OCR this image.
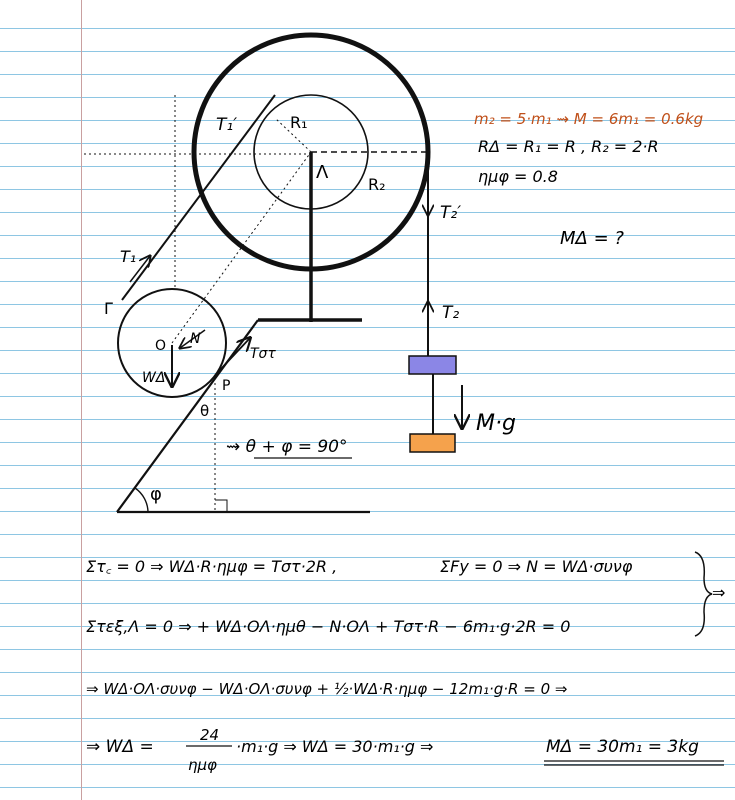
T₁′	R₁
Λ
R₂
T₂′
T₁
Γ
O N
WΔ
Tστ
P
θ
φ
T₂
M·g
⇝ θ + φ = 90°
m₂ = 5·m₁ ⇝ M = 6m₁ = 0.6kg
RΔ = R₁ = R , R₂ = 2·R
ημφ = 0.8
MΔ = ?
Στ꜀ = 0 ⇒ WΔ·R·ημφ = Tστ·2R ,	ΣFy = 0 ⇒ N = WΔ·συνφ
⇒
Στεξ,Λ = 0 ⇒ + WΔ·OΛ·ημθ − N·OΛ + Tστ·R − 6m₁·g·2R = 0
⇒ WΔ·OΛ·συνφ − WΔ·OΛ·συνφ + ½·WΔ·R·ημφ − 12m₁·g·R = 0 ⇒
⇒ WΔ =
24
ημφ
·m₁·g ⇒ WΔ = 30·m₁·g ⇒	MΔ = 30m₁ = 3kg
